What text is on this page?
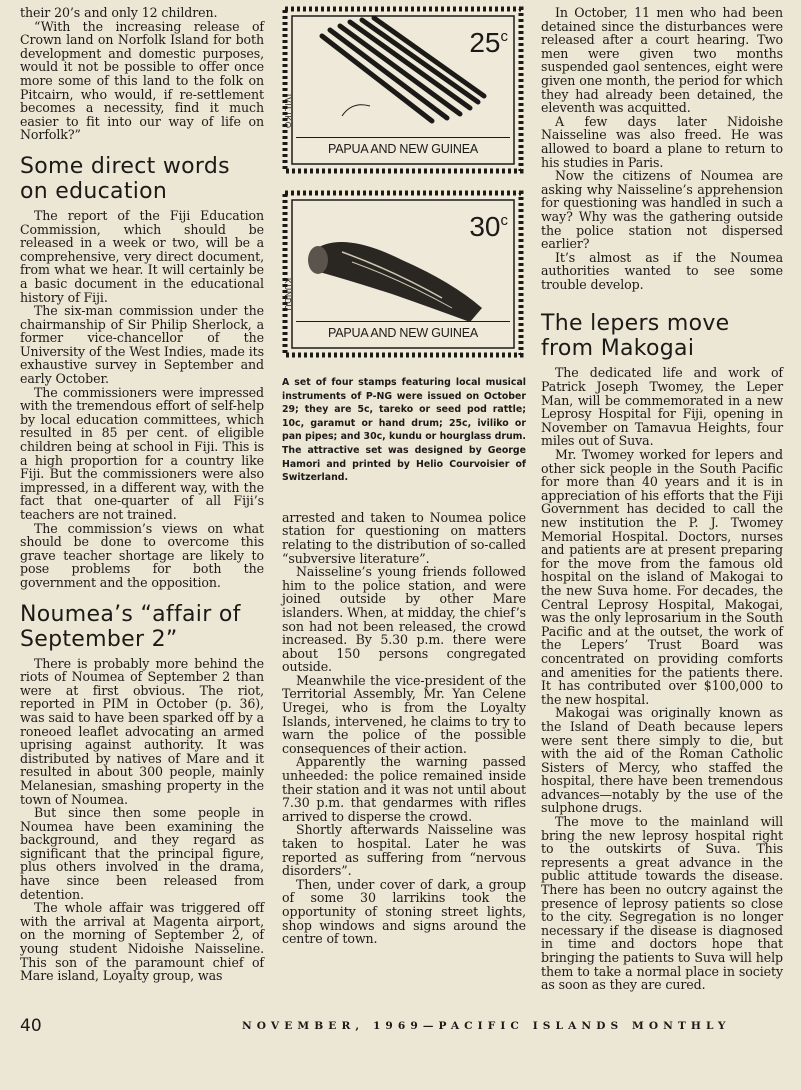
their 20’s and only 12 children.

“With the increasing release of Crown land on Norfolk Island for both development and domestic purposes, would it not be possible to offer once more some of this land to the folk on Pitcairn, who would, if re-settlement becomes a necessity, find it much easier to fit into our way of life on Norfolk?”

Some direct words on education

The report of the Fiji Education Commission, which should be released in a week or two, will be a comprehensive, very direct document, from what we hear. It will certainly be a basic document in the educational history of Fiji.

The six-man commission under the chairmanship of Sir Philip Sherlock, a former vice-chancellor of the University of the West Indies, made its exhaustive survey in September and early October.

The commissioners were impressed with the tremendous effort of self-help by local education committees, which resulted in 85 per cent. of eligible children being at school in Fiji. This is a high proportion for a country like Fiji. But the commissioners were also impressed, in a different way, with the fact that one-quarter of all Fiji’s teachers are not trained.

The commission’s views on what should be done to overcome this grave teacher shortage are likely to pose problems for both the government and the opposition.

Noumea’s “affair of September 2”

There is probably more behind the riots of Noumea of September 2 than were at first obvious. The riot, reported in PIM in October (p. 36), was said to have been sparked off by a roneoed leaflet advocating an armed uprising against authority. It was distributed by natives of Mare and it resulted in about 300 people, mainly Melanesian, smashing property in the town of Noumea.

But since then some people in Noumea have been examining the background, and they regard as significant that the principal figure, plus others involved in the drama, have since been released from detention.

The whole affair was triggered off with the arrival at Magenta airport, on the morning of September 2, of young student Nidoishe Naisseline. This son of the paramount chief of Mare island, Loyalty group, was

IVILIKO
25$^c$
PAPUA AND NEW GUINEA
KUNDU
30$^c$
PAPUA AND NEW GUINEA

A set of four stamps featuring local musical instruments of P-NG were issued on October 29; they are 5c, tareko or seed pod rattle; 10c, garamut or hand drum; 25c, iviliko or pan pipes; and 30c, kundu or hourglass drum. The attractive set was designed by George Hamori and printed by Helio Courvoisier of Switzerland.

arrested and taken to Noumea police station for questioning on matters relating to the distribution of so-called “subversive literature”.

Naisseline’s young friends followed him to the police station, and were joined outside by other Mare islanders. When, at midday, the chief’s son had not been released, the crowd increased. By 5.30 p.m. there were about 150 persons congregated outside.

Meanwhile the vice-president of the Territorial Assembly, Mr. Yan Celene Uregei, who is from the Loyalty Islands, intervened, he claims to try to warn the police of the possible consequences of their action.

Apparently the warning passed unheeded: the police remained inside their station and it was not until about 7.30 p.m. that gendarmes with rifles arrived to disperse the crowd.

Shortly afterwards Naisseline was taken to hospital. Later he was reported as suffering from “nervous disorders”.

Then, under cover of dark, a group of some 30 larrikins took the opportunity of stoning street lights, shop windows and signs around the centre of town.

In October, 11 men who had been detained since the disturbances were released after a court hearing. Two men were given two months suspended gaol sentences, eight were given one month, the period for which they had already been detained, the eleventh was acquitted.

A few days later Nidoishe Naisseline was also freed. He was allowed to board a plane to return to his studies in Paris.

Now the citizens of Noumea are asking why Naisseline’s apprehension for questioning was handled in such a way? Why was the gathering outside the police station not dispersed earlier?

It’s almost as if the Noumea authorities wanted to see some trouble develop.

The lepers move from Makogai

The dedicated life and work of Patrick Joseph Twomey, the Leper Man, will be commemorated in a new Leprosy Hospital for Fiji, opening in November on Tamavua Heights, four miles out of Suva.

Mr. Twomey worked for lepers and other sick people in the South Pacific for more than 40 years and it is in appreciation of his efforts that the Fiji Government has decided to call the new institution the P. J. Twomey Memorial Hospital. Doctors, nurses and patients are at present preparing for the move from the famous old hospital on the island of Makogai to the new Suva home. For decades, the Central Leprosy Hospital, Makogai, was the only leprosarium in the South Pacific and at the outset, the work of the Lepers’ Trust Board was concentrated on providing comforts and amenities for the patients there. It has contributed over $100,000 to the new hospital.

Makogai was originally known as the Island of Death because lepers were sent there simply to die, but with the aid of the Roman Catholic Sisters of Mercy, who staffed the hospital, there have been tremendous advances—notably by the use of the sulphone drugs.

The move to the mainland will bring the new leprosy hospital right to the outskirts of Suva. This represents a great advance in the public attitude towards the disease. There has been no outcry against the presence of leprosy patients so close to the city. Segregation is no longer necessary if the disease is diagnosed in time and doctors hope that bringing the patients to Suva will help them to take a normal place in society as soon as they are cured.

40	NOVEMBER, 1969—PACIFIC ISLANDS MONTHLY
